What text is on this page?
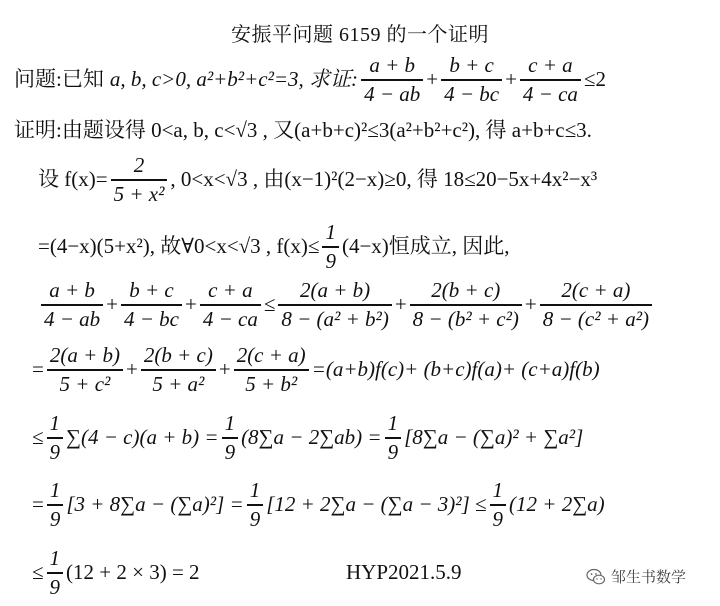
安振平问题 6159 的一个证明
问题:已知 a, b, c>0, a²+b²+c²=3, 求证: $\frac{a + b}{4 - ab} + \frac{b + c}{4 - bc} + \frac{c + a}{4 - ca} \le 2$
证明:由题设得 0<a, b, c<√3 , 又(a+b+c)²≤3(a²+b²+c²), 得 a+b+c≤3.
设 $f(x)= \frac{2}{\text{5 + x²}}$ , 0<x<√3 , 由(x−1)²(2−x)≥0, 得 18≤20−5x+4x²−x³
=(4−x)(5+x²), 故∀0<x<√3 , $f(x)\le \frac{1}{9} (4-x)$恒成立, 因此,
$\frac{a + b}{4 - ab} + \frac{b + c}{4 - bc} + \frac{c + a}{4 - ca} \le \frac{2(a + b)}{\text{8 − (a² + b²)}} + \frac{2(b + c)}{\text{8 − (b² + c²)}} + \frac{2(c + a)}{\text{8 − (c² + a²)}}$
= $\frac{2(a + b)}{\text{5 + c²}} + \frac{2(b + c)}{\text{5 + a²}} + \frac{2(c + a)}{\text{5 + b²}} =(a+b)f(c)+ (b+c)f(a)+ (c+a)f(b)$
≤ $\frac{1}{9} \sum(4 - c)(a + b) = \frac{1}{9} (8\sum a - 2\sum ab) = \frac{1}{9} [8\sum a - (\sum a)^2 + \sum a^2]$
= $\frac{1}{9} [3 + 8\sum a - (\sum a)^2] = \frac{1}{9} [12 + 2\sum a - (\sum a - 3)^2] \le \frac{1}{9} (12 + 2\sum a)$
≤ $\frac{1}{9} (12 + 2 \times 3) = 2$	HYP2021.5.9	邹生书数学
